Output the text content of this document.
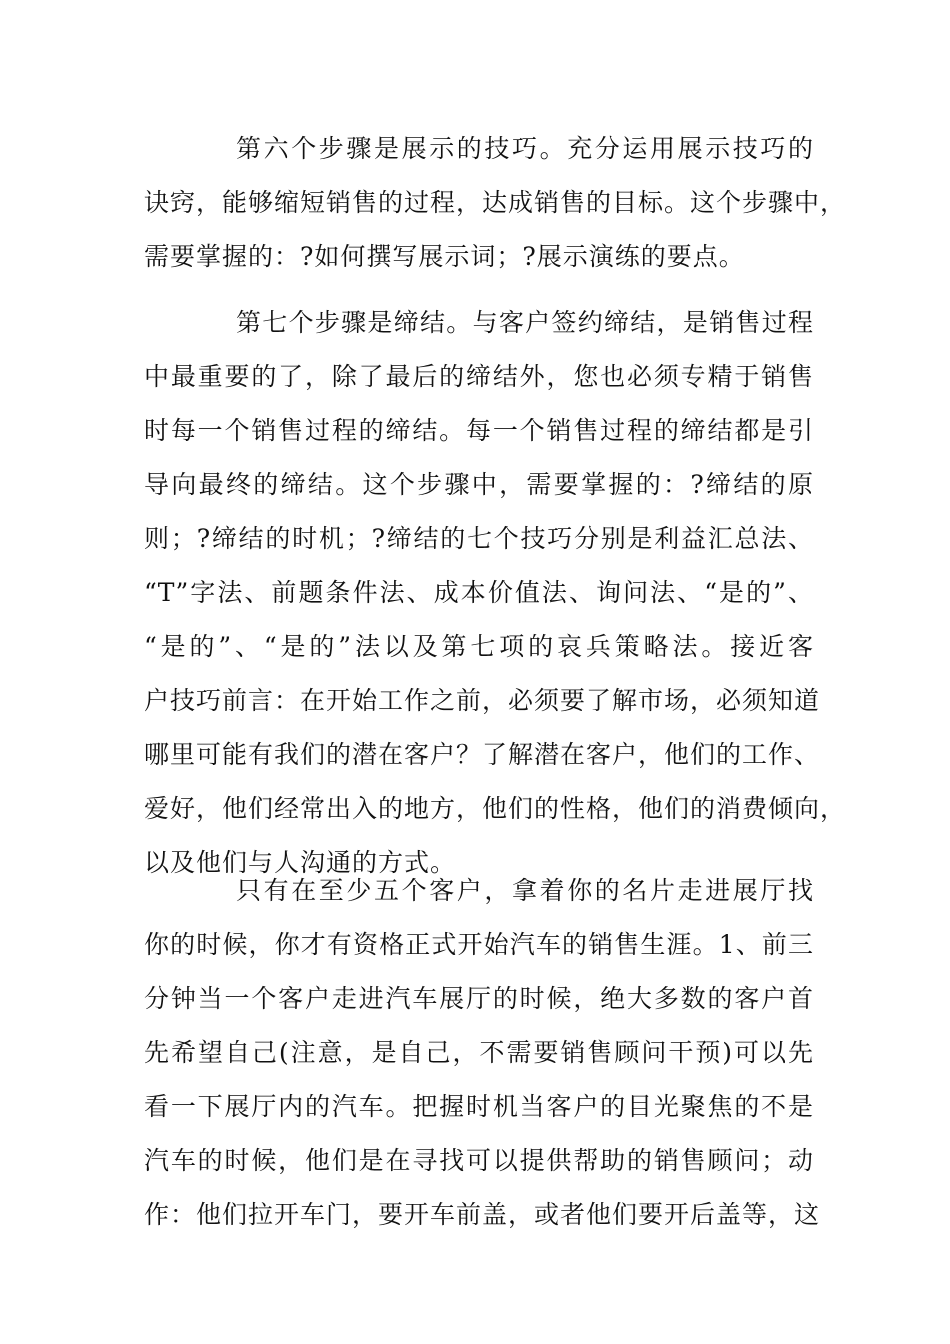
第六个步骤是展示的技巧。充分运用展示技巧的
诀窍，能够缩短销售的过程，达成销售的目标。这个步骤中，
需要掌握的：?如何撰写展示词；?展示演练的要点。
第七个步骤是缔结。与客户签约缔结，是销售过程
中最重要的了，除了最后的缔结外，您也必须专精于销售
时每一个销售过程的缔结。每一个销售过程的缔结都是引
导向最终的缔结。这个步骤中，需要掌握的：?缔结的原
则；?缔结的时机；?缔结的七个技巧分别是利益汇总法、
“T”字法、前题条件法、成本价值法、询问法、“是的”、
“是的”、“是的”法以及第七项的哀兵策略法。接近客
户技巧前言：在开始工作之前，必须要了解市场，必须知道
哪里可能有我们的潜在客户？了解潜在客户，他们的工作、
爱好，他们经常出入的地方，他们的性格，他们的消费倾向，
以及他们与人沟通的方式。
只有在至少五个客户，拿着你的名片走进展厅找
你的时候，你才有资格正式开始汽车的销售生涯。1、前三
分钟当一个客户走进汽车展厅的时候，绝大多数的客户首
先希望自己(注意，是自己，不需要销售顾问干预)可以先
看一下展厅内的汽车。把握时机当客户的目光聚焦的不是
汽车的时候，他们是在寻找可以提供帮助的销售顾问；动
作：他们拉开车门，要开车前盖，或者他们要开后盖等，这
